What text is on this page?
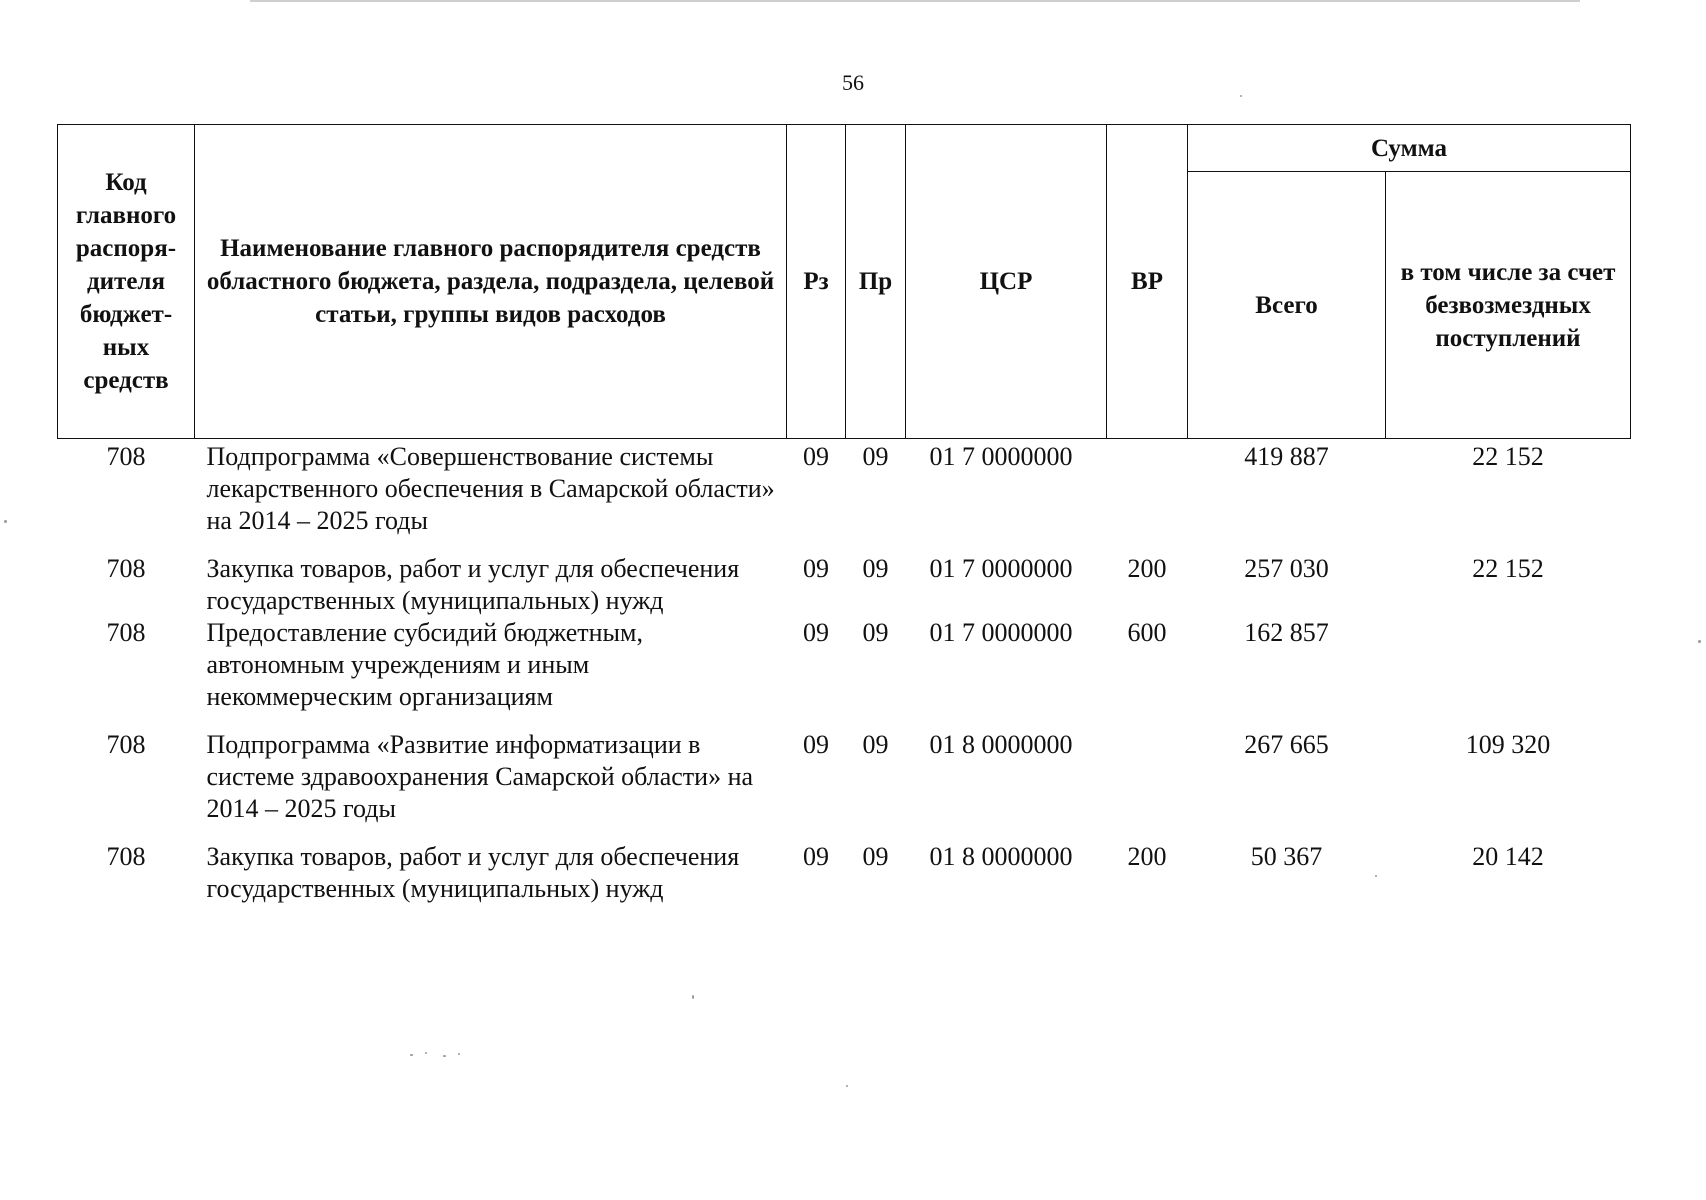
56
Код главного распоря-дителя бюджет-ных средств	Наименование главного распорядителя средств областного бюджета, раздела, подраздела, целевой статьи, группы видов расходов	Рз	Пр	ЦСР	ВР	Сумма	
						Всего	в том числе за счет безвозмездных поступлений
708	Подпрограмма «Совершенствование системы лекарственного обеспечения в Самарской области» на 2014 – 2025 годы	09	09	01 7 0000000		419 887	22 152
708	Закупка товаров, работ и услуг для обеспечения государственных (муниципальных) нужд	09	09	01 7 0000000	200	257 030	22 152
708	Предоставление субсидий бюджетным, автономным учреждениям и иным некоммерческим организациям	09	09	01 7 0000000	600	162 857	
708	Подпрограмма «Развитие информатизации в системе здравоохранения Самарской области» на 2014 – 2025 годы	09	09	01 8 0000000		267 665	109 320
708	Закупка товаров, работ и услуг для обеспечения государственных (муниципальных) нужд	09	09	01 8 0000000	200	50 367	20 142
